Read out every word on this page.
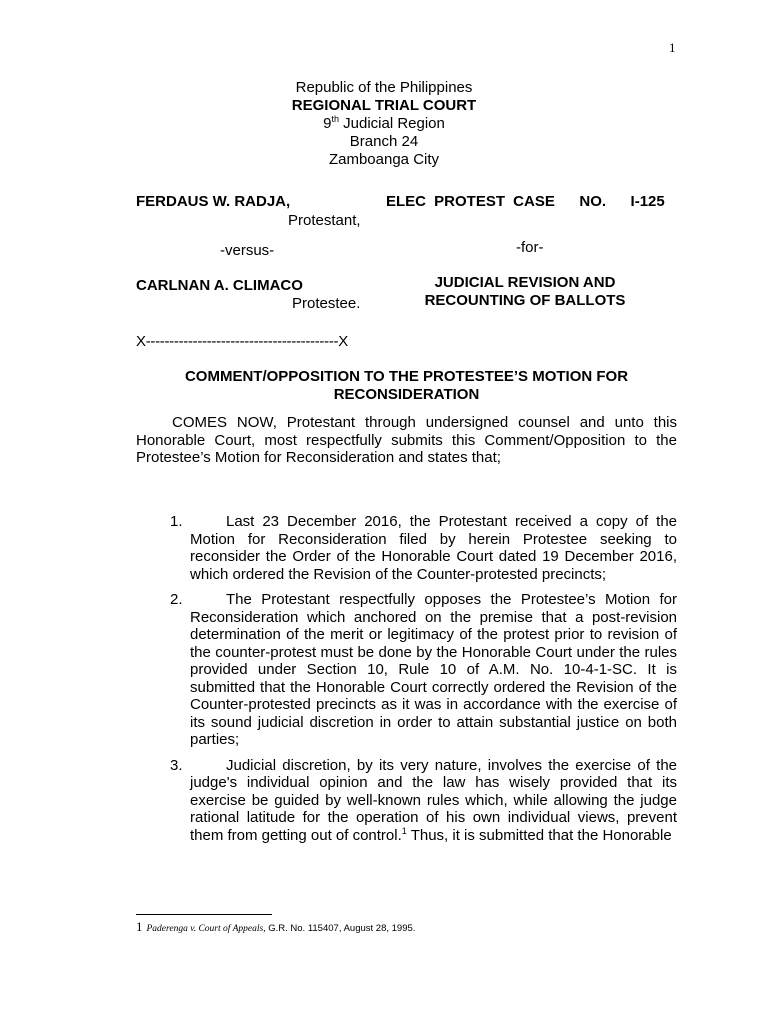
1
Republic of the Philippines
REGIONAL TRIAL COURT
9th Judicial Region
Branch 24
Zamboanga City
FERDAUS W. RADJA,
Protestant,
-versus-
CARLNAN A. CLIMACO
Protestee.
ELEC PROTEST CASE   NO.   I-125
-for-
JUDICIAL REVISION AND
RECOUNTING OF BALLOTS
X-----------------------------------------X
COMMENT/OPPOSITION TO THE PROTESTEE’S MOTION FOR
RECONSIDERATION
COMES NOW, Protestant through undersigned counsel and unto this Honorable Court, most respectfully submits this Comment/Opposition to the Protestee’s Motion for Reconsideration and states that;
1.	Last 23 December 2016, the Protestant received a copy of the Motion for Reconsideration filed by herein Protestee seeking to reconsider the Order of the Honorable Court dated 19 December 2016, which ordered the Revision of the Counter-protested precincts;
2.	The Protestant respectfully opposes the Protestee’s Motion for Reconsideration which anchored on the premise that a post-revision determination of the merit or legitimacy of the protest prior to revision of the counter-protest must be done by the Honorable Court under the rules provided under Section 10, Rule 10 of A.M. No. 10-4-1-SC. It is submitted that the Honorable Court correctly ordered the Revision of the Counter-protested precincts as it was in accordance with the exercise of its sound judicial discretion in order to attain substantial justice on both parties;
3.	Judicial discretion, by its very nature, involves the exercise of the judge's individual opinion and the law has wisely provided that its exercise be guided by well-known rules which, while allowing the judge rational latitude for the operation of his own individual views, prevent them from getting out of control.$^1$ Thus, it is submitted that the Honorable
1 Paderenga v. Court of Appeals, G.R. No. 115407, August 28, 1995.
